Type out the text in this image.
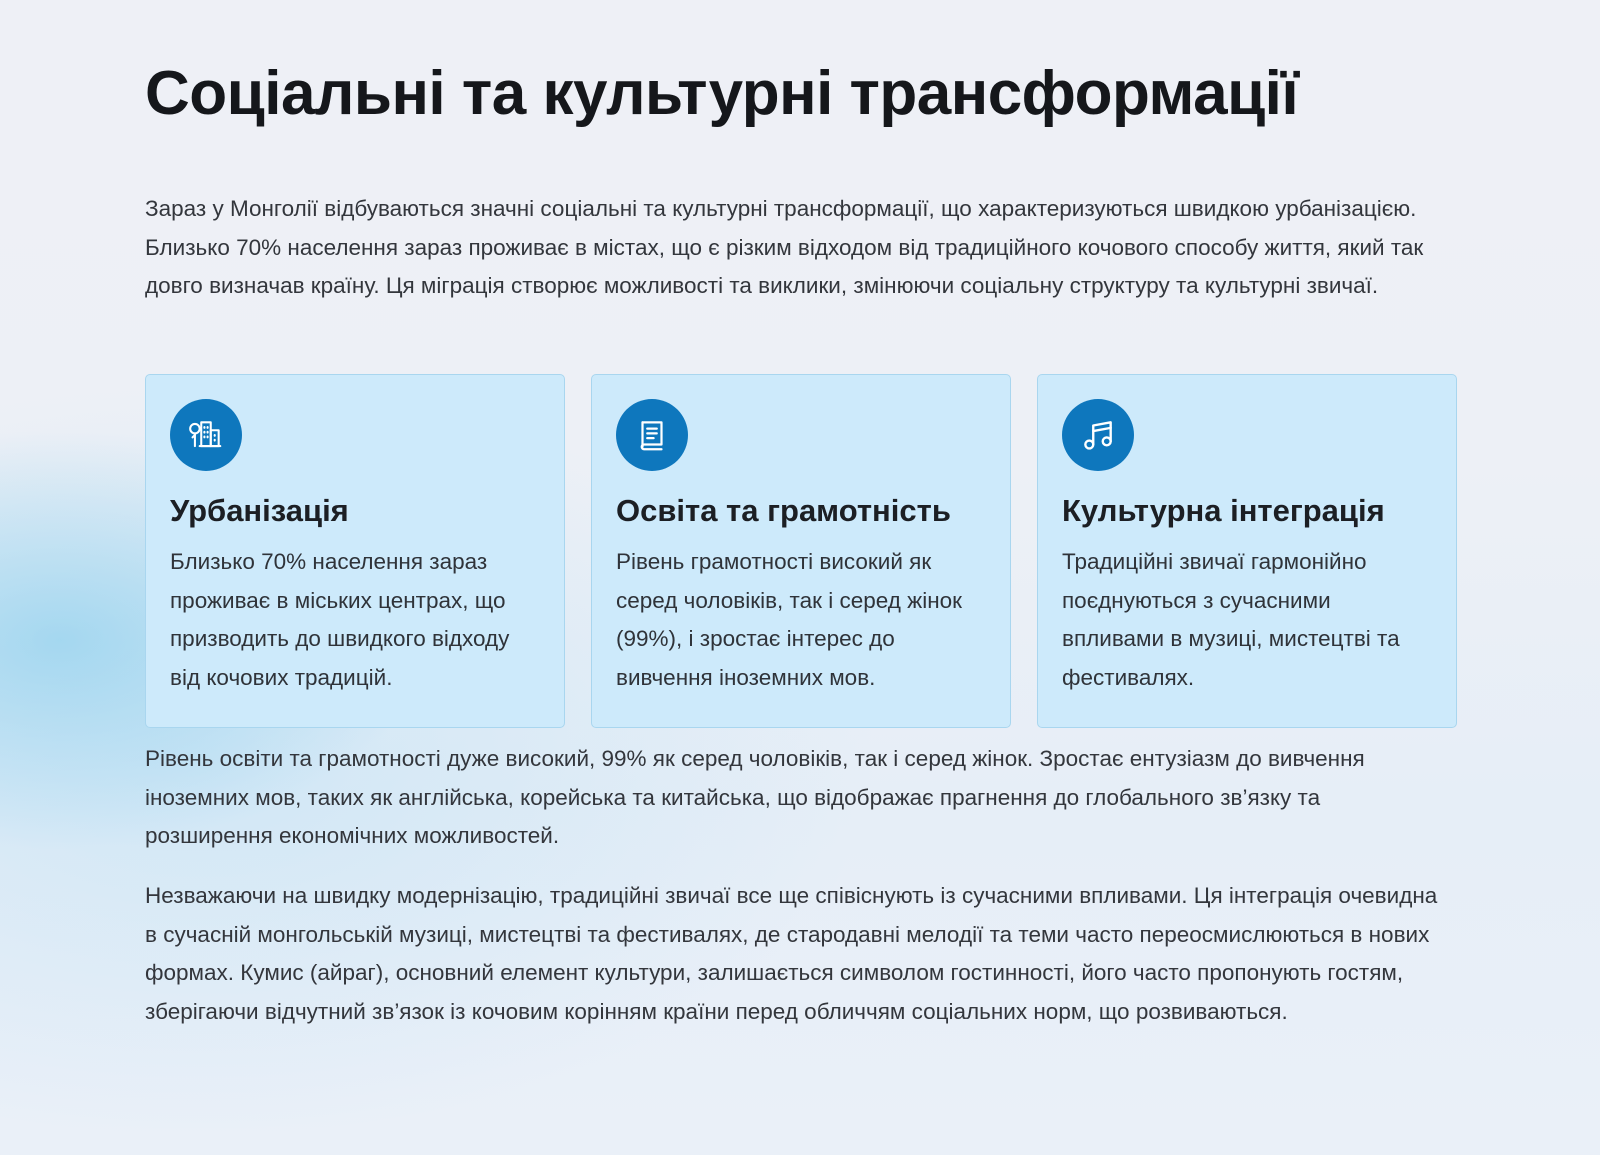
Соціальні та культурні трансформації

Зараз у Монголії відбуваються значні соціальні та культурні трансформації, що характеризуються швидкою урбанізацією. Близько 70% населення зараз проживає в містах, що є різким відходом від традиційного кочового способу життя, який так довго визначав країну. Ця міграція створює можливості та виклики, змінюючи соціальну структуру та культурні звичаї.

Урбанізація

Близько 70% населення зараз проживає в міських центрах, що призводить до швидкого відходу від кочових традицій.

Освіта та грамотність

Рівень грамотності високий як серед чоловіків, так і серед жінок (99%), і зростає інтерес до вивчення іноземних мов.

Культурна інтеграція

Традиційні звичаї гармонійно поєднуються з сучасними впливами в музиці, мистецтві та фестивалях.

Рівень освіти та грамотності дуже високий, 99% як серед чоловіків, так і серед жінок. Зростає ентузіазм до вивчення іноземних мов, таких як англійська, корейська та китайська, що відображає прагнення до глобального зв’язку та розширення економічних можливостей.

Незважаючи на швидку модернізацію, традиційні звичаї все ще співіснують із сучасними впливами. Ця інтеграція очевидна в сучасній монгольській музиці, мистецтві та фестивалях, де стародавні мелодії та теми часто переосмислюються в нових формах. Кумис (айраг), основний елемент культури, залишається символом гостинності, його часто пропонують гостям, зберігаючи відчутний зв’язок із кочовим корінням країни перед обличчям соціальних норм, що розвиваються.
